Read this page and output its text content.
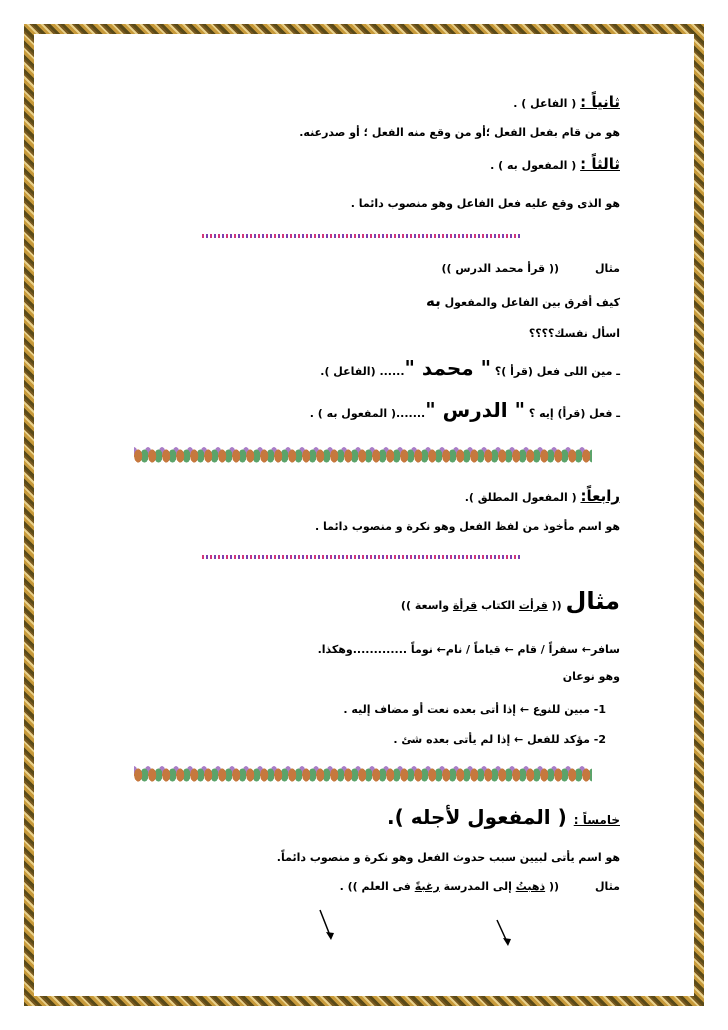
ثانياً : ( الفاعل ) .
هو من قام بفعل الفعل ؛أو من وقع منه الفعل ؛ أو صدرعنه.
ثالثاً : ( المفعول به ) .
هو الذى وقع عليه فعل الفاعل وهو منصوب دائما .
مثال(( قرأ محمد الدرس ))
كيف أفرق بين الفاعل والمفعول به
اسأل نفسك؟؟؟؟
ـ مين اللى فعل (قرأ )؟ " محمد "...... (الفاعل ).
ـ فعل (قرأ) إيه ؟ " الدرس ".......( المفعول به ) .
رابعاً: ( المفعول المطلق ).
هو اسم مأخوذ من لفظ الفعل وهو نكرة و منصوب دائما .
مثال (( قرأت الكتاب قرأة واسعة ))
سافر← سفراً / قام ← قياماً / نام← نوماً .............وهكذا.
وهو نوعان
1- مبين للنوع ← إذا أتى بعده نعت أو مضاف إليه .
2- مؤكد للفعل ← إذا لم يأتى بعده شئ .
خامساً : ( المفعول لأجله ).
هو اسم يأتى لبيين سبب حدوث الفعل وهو نكرة و منصوب دائماً.
مثال(( ذهبتُ إلى المدرسة رغبةً فى العلم )) .
